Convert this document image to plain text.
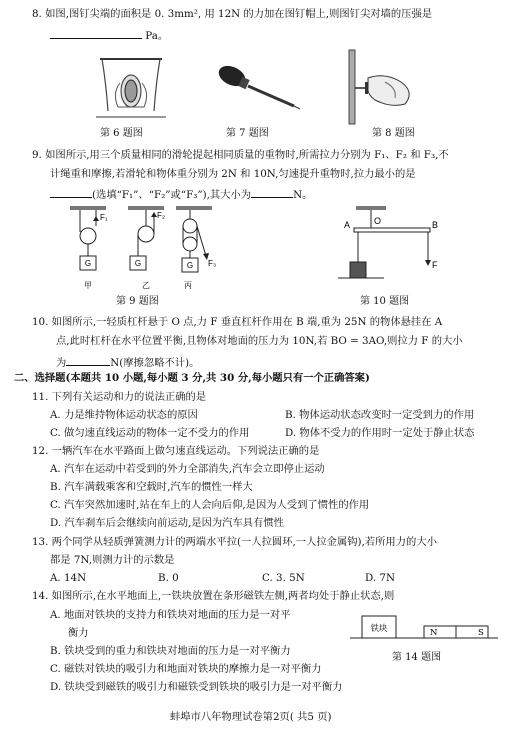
8. 如图,图钉尖端的面积是 0. 3mm², 用 12N 的力加在图钉帽上,则图钉尖对墙的压强是
Pa。
第 6 题图	第 7 题图	第 8 题图
9. 如图所示,用三个质量相同的滑轮提起相同质量的重物时,所需拉力分别为 F₁、F₂ 和 F₃,不
计绳重和摩擦,若滑轮和物体重分别为 2N 和 10N,匀速提升重物时,拉力最小的是
(选填“F₁”、“F₂”或“F₃”),其大小为	N。
G
F₁
甲
F₂
G
乙
F₃
G
丙
第 9 题图
A	O	B
F
第 10 题图
10. 如图所示,一轻质杠杆悬于 O 点,力 F 垂直杠杆作用在 B 端,重为 25N 的物体悬挂在 A
点,此时杠杆在水平位置平衡,且物体对地面的压力为 10N,若 BO = 3AO,则拉力 F 的大小
为	N(摩擦忽略不计)。
二、选择题(本题共 10 小题,每小题 3 分,共 30 分,每小题只有一个正确答案)
11. 下列有关运动和力的说法正确的是
A. 力是维持物体运动状态的原因	B. 物体运动状态改变时一定受到力的作用
C. 做匀速直线运动的物体一定不受力的作用	D. 物体不受力的作用时一定处于静止状态
12. 一辆汽车在水平路面上做匀速直线运动。下列说法正确的是
A. 汽车在运动中若受到的外力全部消失,汽车会立即停止运动
B. 汽车满载乘客和空载时,汽车的惯性一样大
C. 汽车突然加速时,站在车上的人会向后仰,是因为人受到了惯性的作用
D. 汽车刹车后会继续向前运动,是因为汽车具有惯性
13. 两个同学从轻质弹簧测力计的两端水平拉(一人拉圆环,一人拉金属钩),若所用力的大小
都是 7N,则测力计的示数是
A. 14N	B. 0	C. 3. 5N	D. 7N
14. 如图所示,在水平地面上,一铁块放置在条形磁铁左侧,两者均处于静止状态,则
A. 地面对铁块的支持力和铁块对地面的压力是一对平
衡力
B. 铁块受到的重力和铁块对地面的压力是一对平衡力
C. 磁铁对铁块的吸引力和地面对铁块的摩擦力是一对平衡力
D. 铁块受到磁铁的吸引力和磁铁受到铁块的吸引力是一对平衡力
铁块	N	S
第 14 题图
蚌埠市八年物理试卷第2页( 共5 页)
